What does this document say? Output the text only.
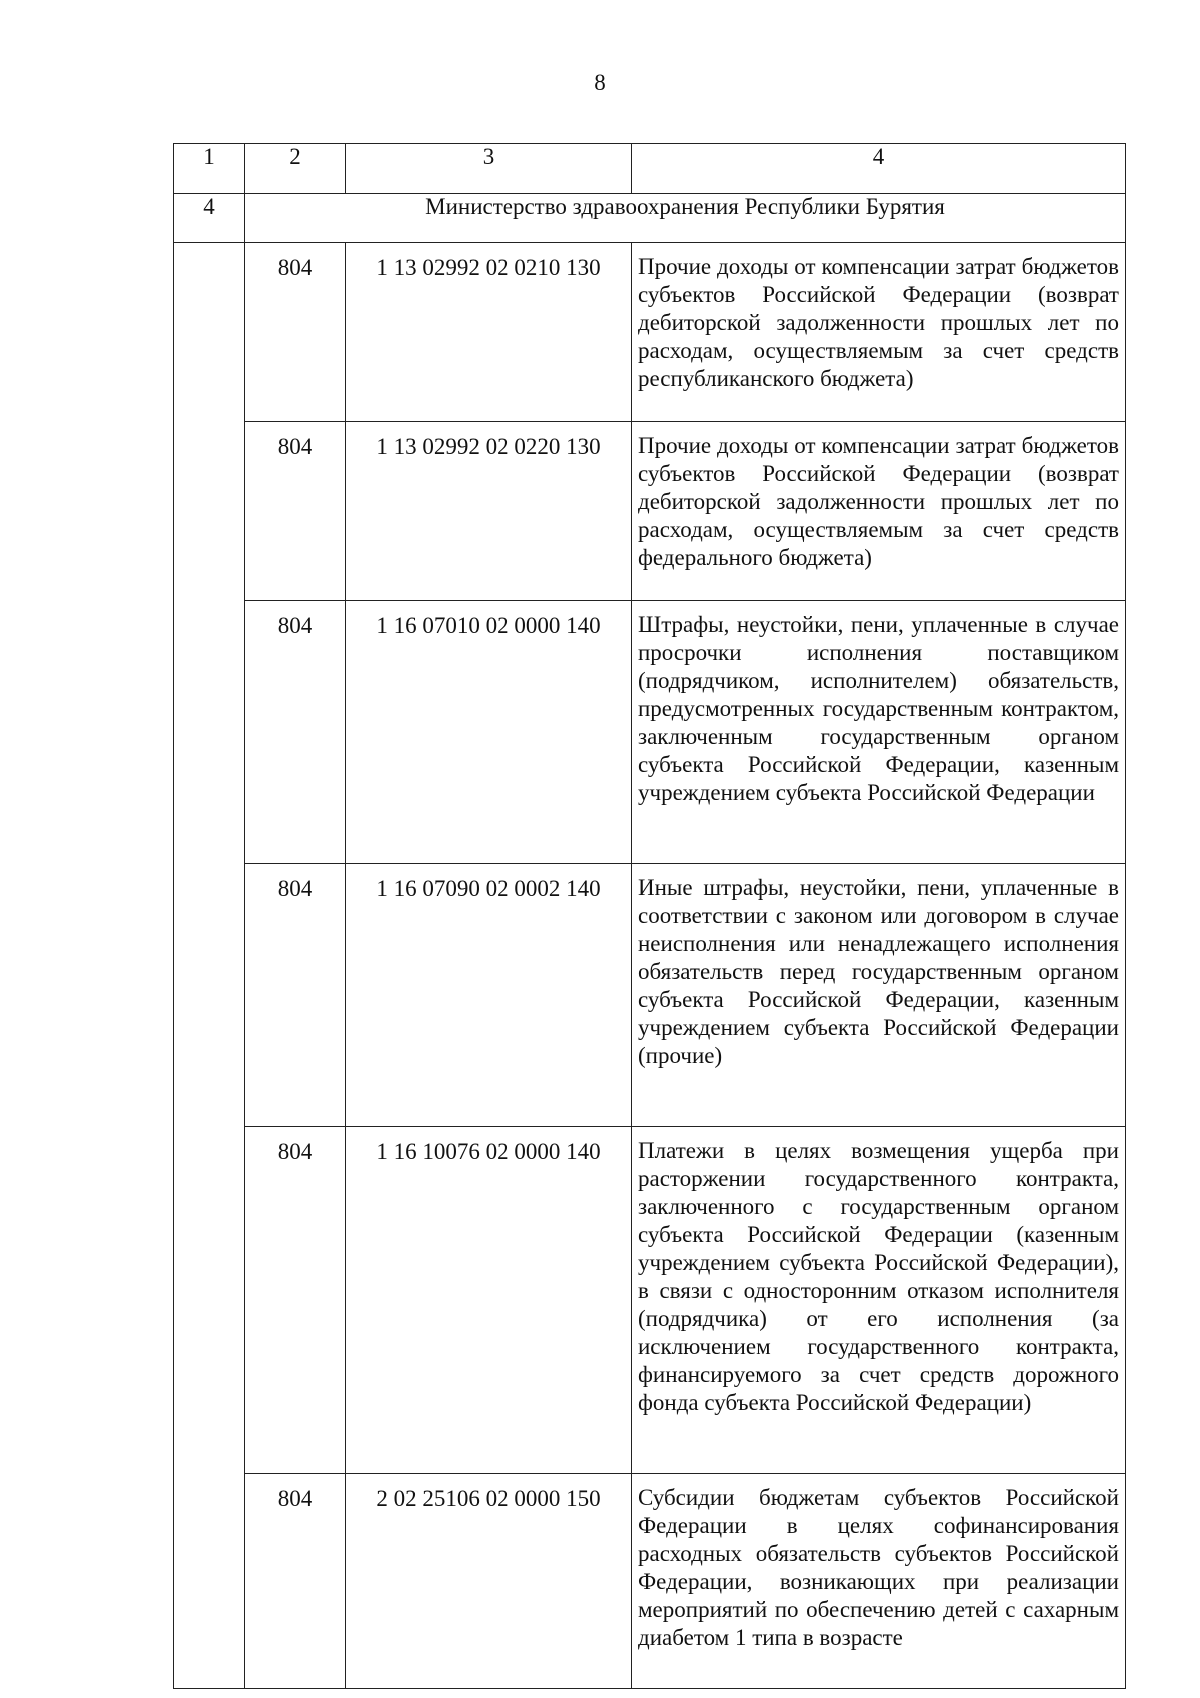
8
1	2	3	4
4	Министерство здравоохранения Республики Бурятия		
	804	1 13 02992 02 0210 130	Прочие доходы от компенсации затрат бюджетов субъектов Российской Федерации (возврат дебиторской задолженности прошлых лет по расходам, осуществляемым за счет средств республиканского бюджета)
	804	1 13 02992 02 0220 130	Прочие доходы от компенсации затрат бюджетов субъектов Российской Федерации (возврат дебиторской задолженности прошлых лет по расходам, осуществляемым за счет средств федерального бюджета)
	804	1 16 07010 02 0000 140	Штрафы, неустойки, пени, уплаченные в случае просрочки исполнения поставщиком (подрядчиком, исполнителем) обязательств, предусмотренных государственным контрактом, заключенным государственным органом субъекта Российской Федерации, казенным учреждением субъекта Российской Федерации
	804	1 16 07090 02 0002 140	Иные штрафы, неустойки, пени, уплаченные в соответствии с законом или договором в случае неисполнения или ненадлежащего исполнения обязательств перед государственным органом субъекта Российской Федерации, казенным учреждением субъекта Российской Федерации (прочие)
	804	1 16 10076 02 0000 140	Платежи в целях возмещения ущерба при расторжении государственного контракта, заключенного с государственным органом субъекта Российской Федерации (казенным учреждением субъекта Российской Федерации), в связи с односторонним отказом исполнителя (подрядчика) от его исполнения (за исключением государственного контракта, финансируемого за счет средств дорожного фонда субъекта Российской Федерации)
	804	2 02 25106 02 0000 150	Субсидии бюджетам субъектов Российской Федерации в целях софинансирования расходных обязательств субъектов Российской Федерации, возникающих при реализации мероприятий по обеспечению детей с сахарным диабетом 1 типа в возрасте
